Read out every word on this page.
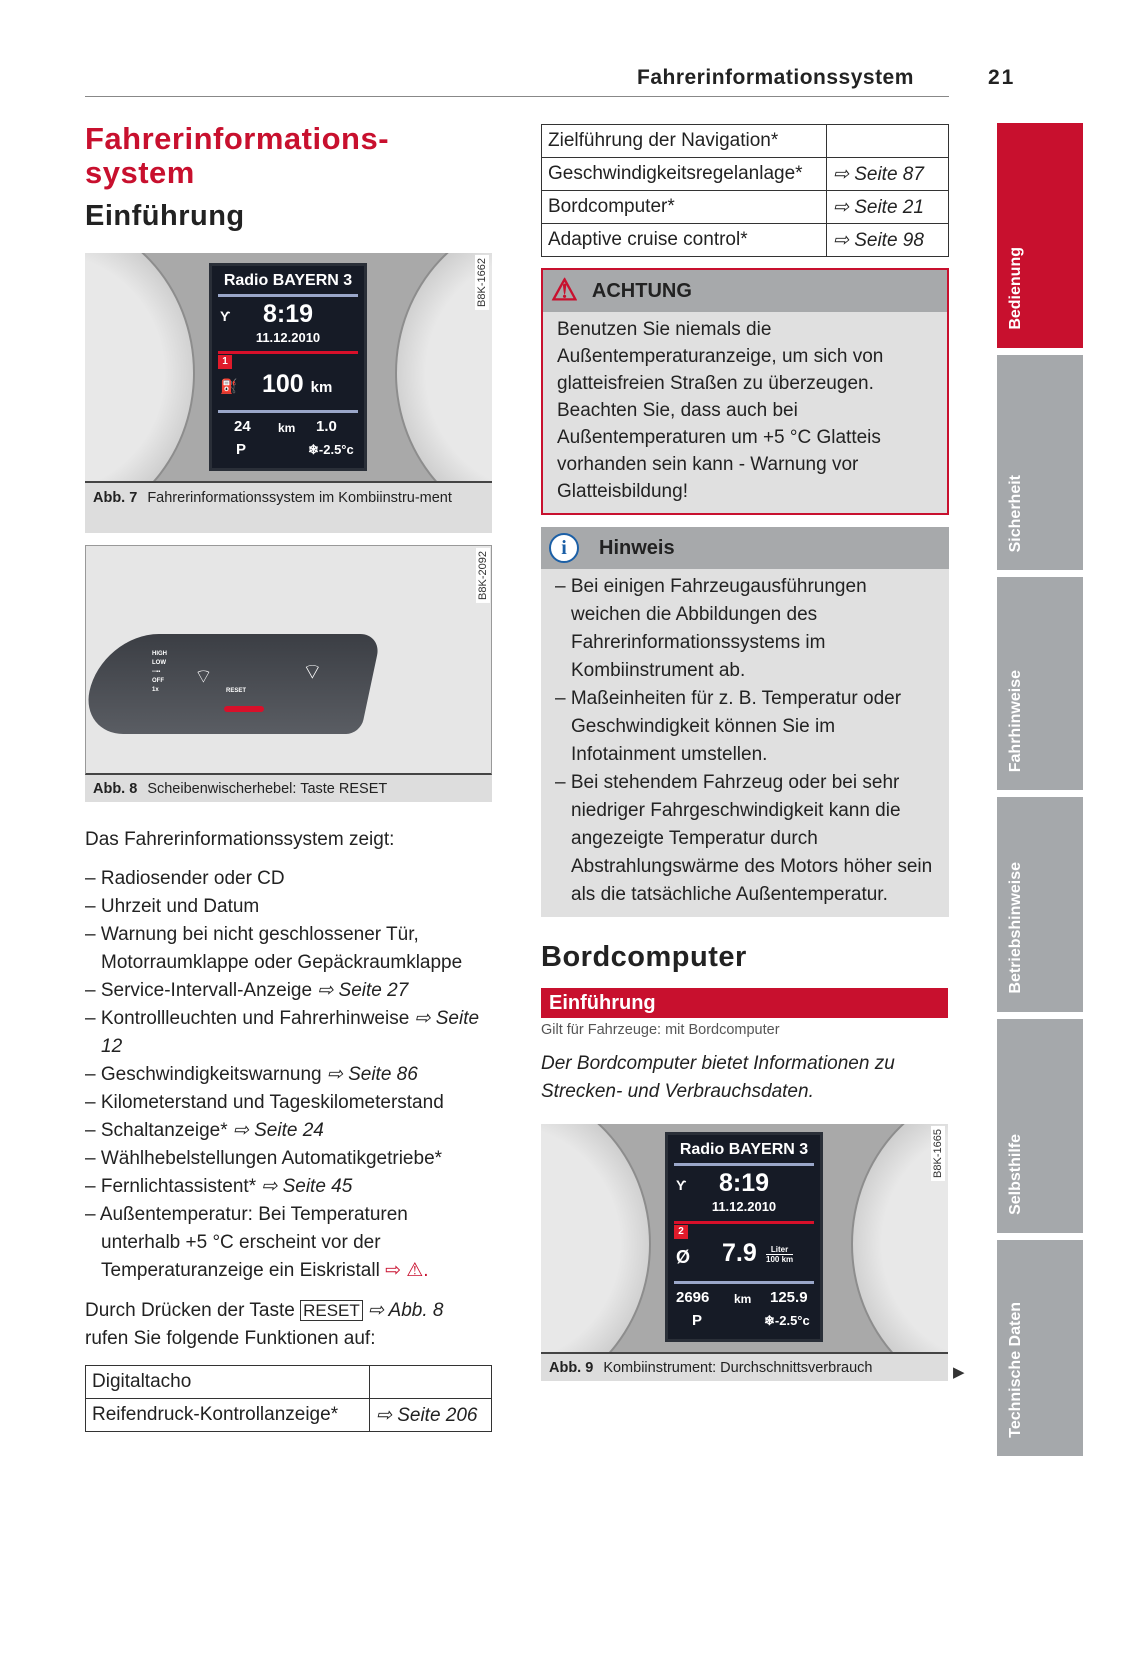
Fahrerinformationssystem	21
Fahrerinformations-system
Einführung
Radio BAYERN 3
Ƴ	8:19
11.12.2010
1
⛽ 100 km
24 km 1.0
P	❄-2.5°c
B8K-1662
Abb. 7 Fahrerinformationssystem im Kombiinstru-ment
HIGH
LOW
--▪▪
OFF
1x
⌔	⌔
RESET
B8K-2092
Abb. 8 Scheibenwischerhebel: Taste RESET
Das Fahrerinformationssystem zeigt:
– Radiosender oder CD
– Uhrzeit und Datum
– Warnung bei nicht geschlossener Tür, Motorraumklappe oder Gepäckraumklappe
– Service-Intervall-Anzeige ⇨ Seite 27
– Kontrollleuchten und Fahrerhinweise ⇨ Seite 12
– Geschwindigkeitswarnung ⇨ Seite 86
– Kilometerstand und Tageskilometerstand
– Schaltanzeige* ⇨ Seite 24
– Wählhebelstellungen Automatikgetriebe*
– Fernlichtassistent* ⇨ Seite 45
– Außentemperatur: Bei Temperaturen unterhalb +5 °C erscheint vor der Temperaturanzeige ein Eiskristall ⇨ ⚠.
Durch Drücken der Taste RESET ⇨ Abb. 8 rufen Sie folgende Funktionen auf:
Digitaltacho	
Reifendruck-Kontrollanzeige*	⇨ Seite 206
Zielführung der Navigation*	
Geschwindigkeitsregelanlage*	⇨ Seite 87
Bordcomputer*	⇨ Seite 21
Adaptive cruise control*	⇨ Seite 98
⚠ ACHTUNG
Benutzen Sie niemals die Außentemperaturanzeige, um sich von glatteisfreien Straßen zu überzeugen. Beachten Sie, dass auch bei Außentemperaturen um +5 °C Glatteis vorhanden sein kann - Warnung vor Glatteisbildung!
i	Hinweis
– Bei einigen Fahrzeugausführungen weichen die Abbildungen des Fahrerinformationssystems im Kombiinstrument ab.
– Maßeinheiten für z. B. Temperatur oder Geschwindigkeit können Sie im Infotainment umstellen.
– Bei stehendem Fahrzeug oder bei sehr niedriger Fahrgeschwindigkeit kann die angezeigte Temperatur durch Abstrahlungswärme des Motors höher sein als die tatsächliche Außentemperatur.
Bordcomputer
Einführung
Gilt für Fahrzeuge: mit Bordcomputer
Der Bordcomputer bietet Informationen zu Strecken- und Verbrauchsdaten.
Radio BAYERN 3
Ƴ	8:19
11.12.2010
2
Ø 7.9	Liter
100 km
2696 km 125.9
P	❄-2.5°c
B8K-1665
Abb. 9 Kombiinstrument: Durchschnittsverbrauch	▶
Bedienung
Sicherheit
Fahrhinweise
Betriebshinweise
Selbsthilfe
Technische Daten
